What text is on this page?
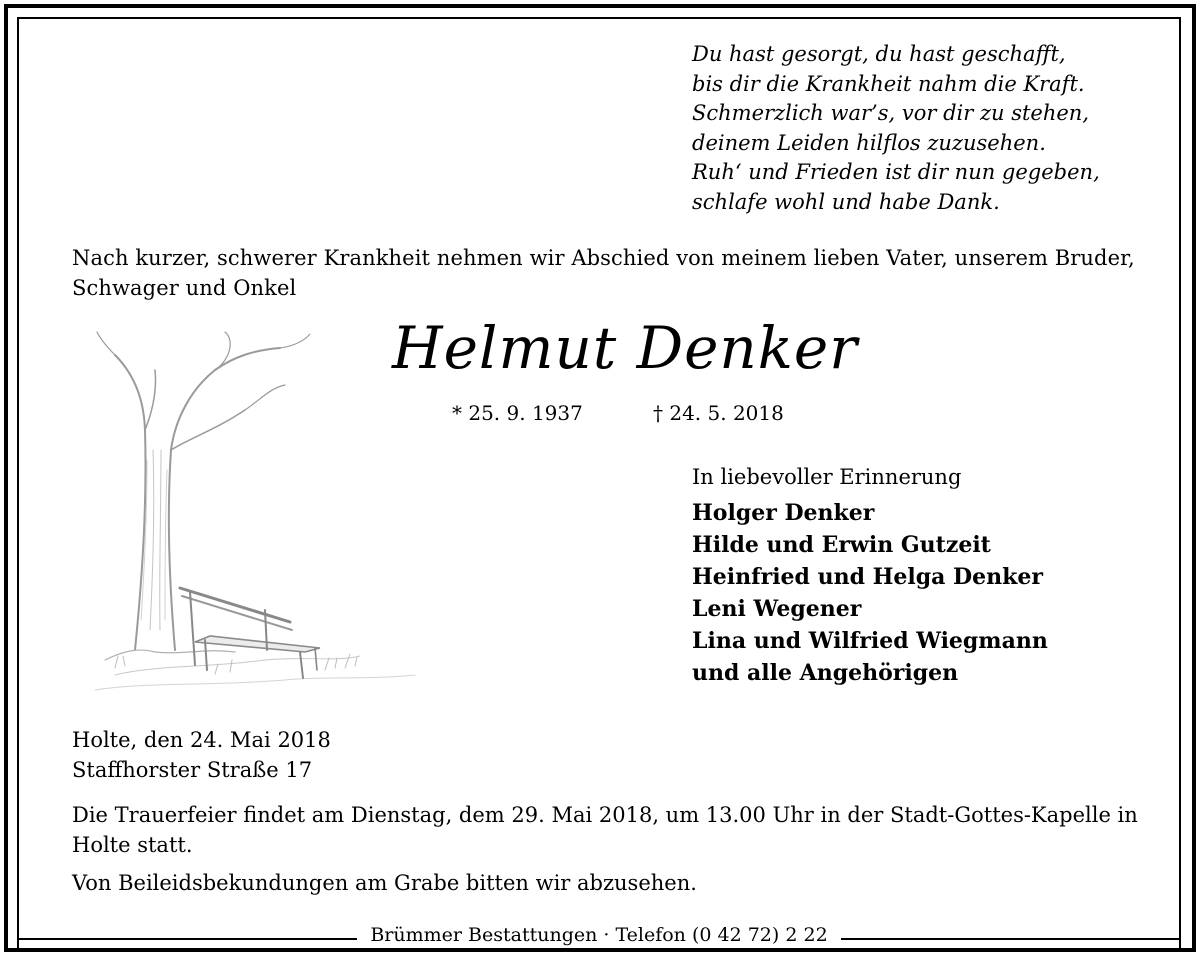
Du hast gesorgt, du hast geschafft,
bis dir die Krankheit nahm die Kraft.
Schmerzlich war’s, vor dir zu stehen,
deinem Leiden hilflos zuzusehen.
Ruh‘ und Frieden ist dir nun gegeben,
schlafe wohl und habe Dank.
Nach kurzer, schwerer Krankheit nehmen wir Abschied von meinem lieben Vater, unserem Bruder, Schwager und Onkel
Helmut Denker
* 25. 9. 1937	† 24. 5. 2018
In liebevoller Erinnerung
Holger Denker
Hilde und Erwin Gutzeit
Heinfried und Helga Denker
Leni Wegener
Lina und Wilfried Wiegmann
und alle Angehörigen
Holte, den 24. Mai 2018
Staffhorster Straße 17
Die Trauerfeier findet am Dienstag, dem 29. Mai 2018, um 13.00 Uhr in der Stadt-Gottes-Kapelle in Holte statt.
Von Beileidsbekundungen am Grabe bitten wir abzusehen.
Brümmer Bestattungen · Telefon (0 42 72) 2 22
